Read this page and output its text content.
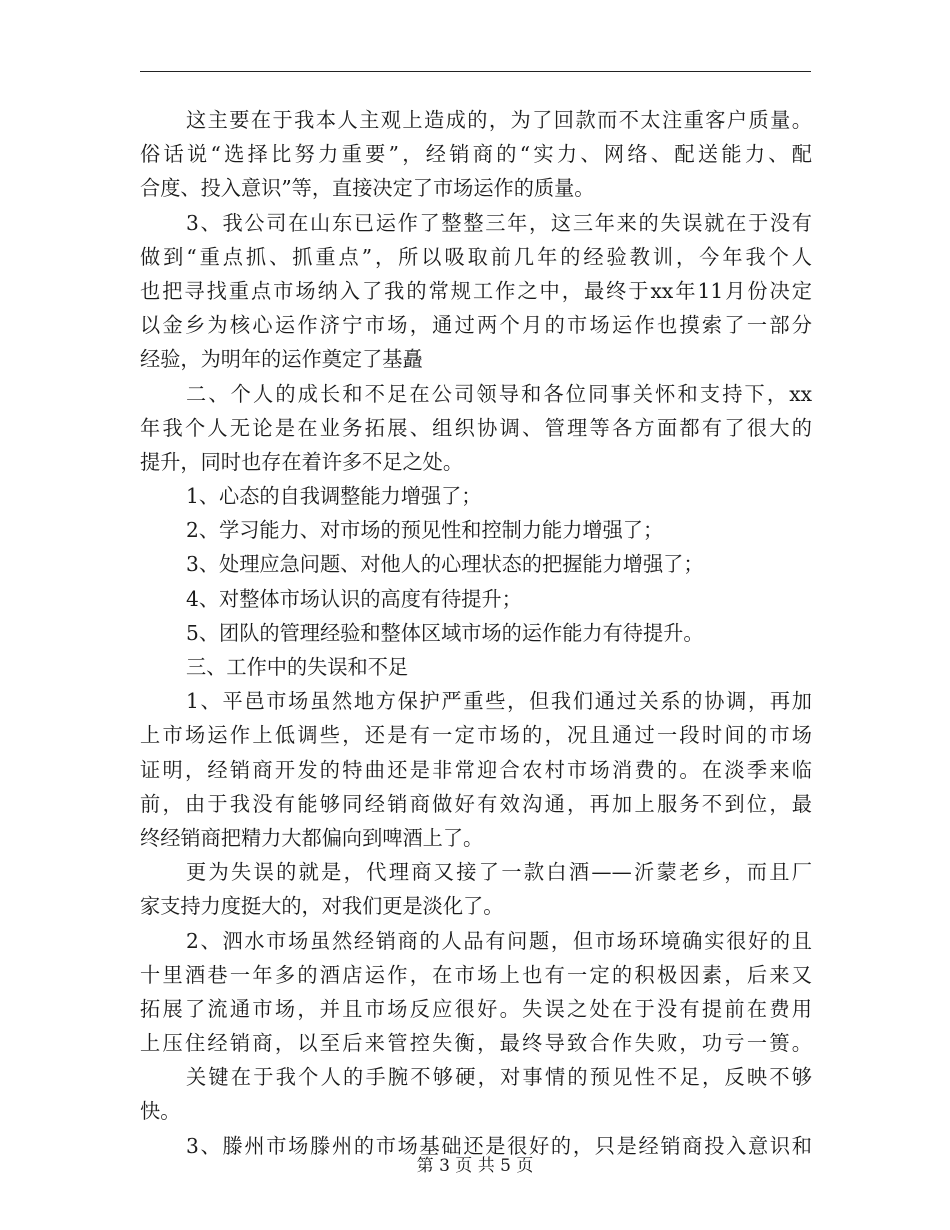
这主要在于我本人主观上造成的，为了回款而不太注重客户质量。
俗话说“选择比努力重要”，经销商的“实力、网络、配送能力、配
合度、投入意识”等，直接决定了市场运作的质量。
3、我公司在山东已运作了整整三年，这三年来的失误就在于没有
做到“重点抓、抓重点”，所以吸取前几年的经验教训，今年我个人
也把寻找重点市场纳入了我的常规工作之中，最终于xx年11月份决定
以金乡为核心运作济宁市场，通过两个月的市场运作也摸索了一部分
经验，为明年的运作奠定了基矗
二、个人的成长和不足在公司领导和各位同事关怀和支持下，xx
年我个人无论是在业务拓展、组织协调、管理等各方面都有了很大的
提升，同时也存在着许多不足之处。
1、心态的自我调整能力增强了；
2、学习能力、对市场的预见性和控制力能力增强了；
3、处理应急问题、对他人的心理状态的把握能力增强了；
4、对整体市场认识的高度有待提升；
5、团队的管理经验和整体区域市场的运作能力有待提升。
三、工作中的失误和不足
1、平邑市场虽然地方保护严重些，但我们通过关系的协调，再加
上市场运作上低调些，还是有一定市场的，况且通过一段时间的市场
证明，经销商开发的特曲还是非常迎合农村市场消费的。在淡季来临
前，由于我没有能够同经销商做好有效沟通，再加上服务不到位，最
终经销商把精力大都偏向到啤酒上了。
更为失误的就是，代理商又接了一款白酒——沂蒙老乡，而且厂
家支持力度挺大的，对我们更是淡化了。
2、泗水市场虽然经销商的人品有问题，但市场环境确实很好的且
十里酒巷一年多的酒店运作，在市场上也有一定的积极因素，后来又
拓展了流通市场，并且市场反应很好。失误之处在于没有提前在费用
上压住经销商，以至后来管控失衡，最终导致合作失败，功亏一篑。
关键在于我个人的手腕不够硬，对事情的预见性不足，反映不够
快。
3、滕州市场滕州的市场基础还是很好的，只是经销商投入意识和
第 3 页 共 5 页
